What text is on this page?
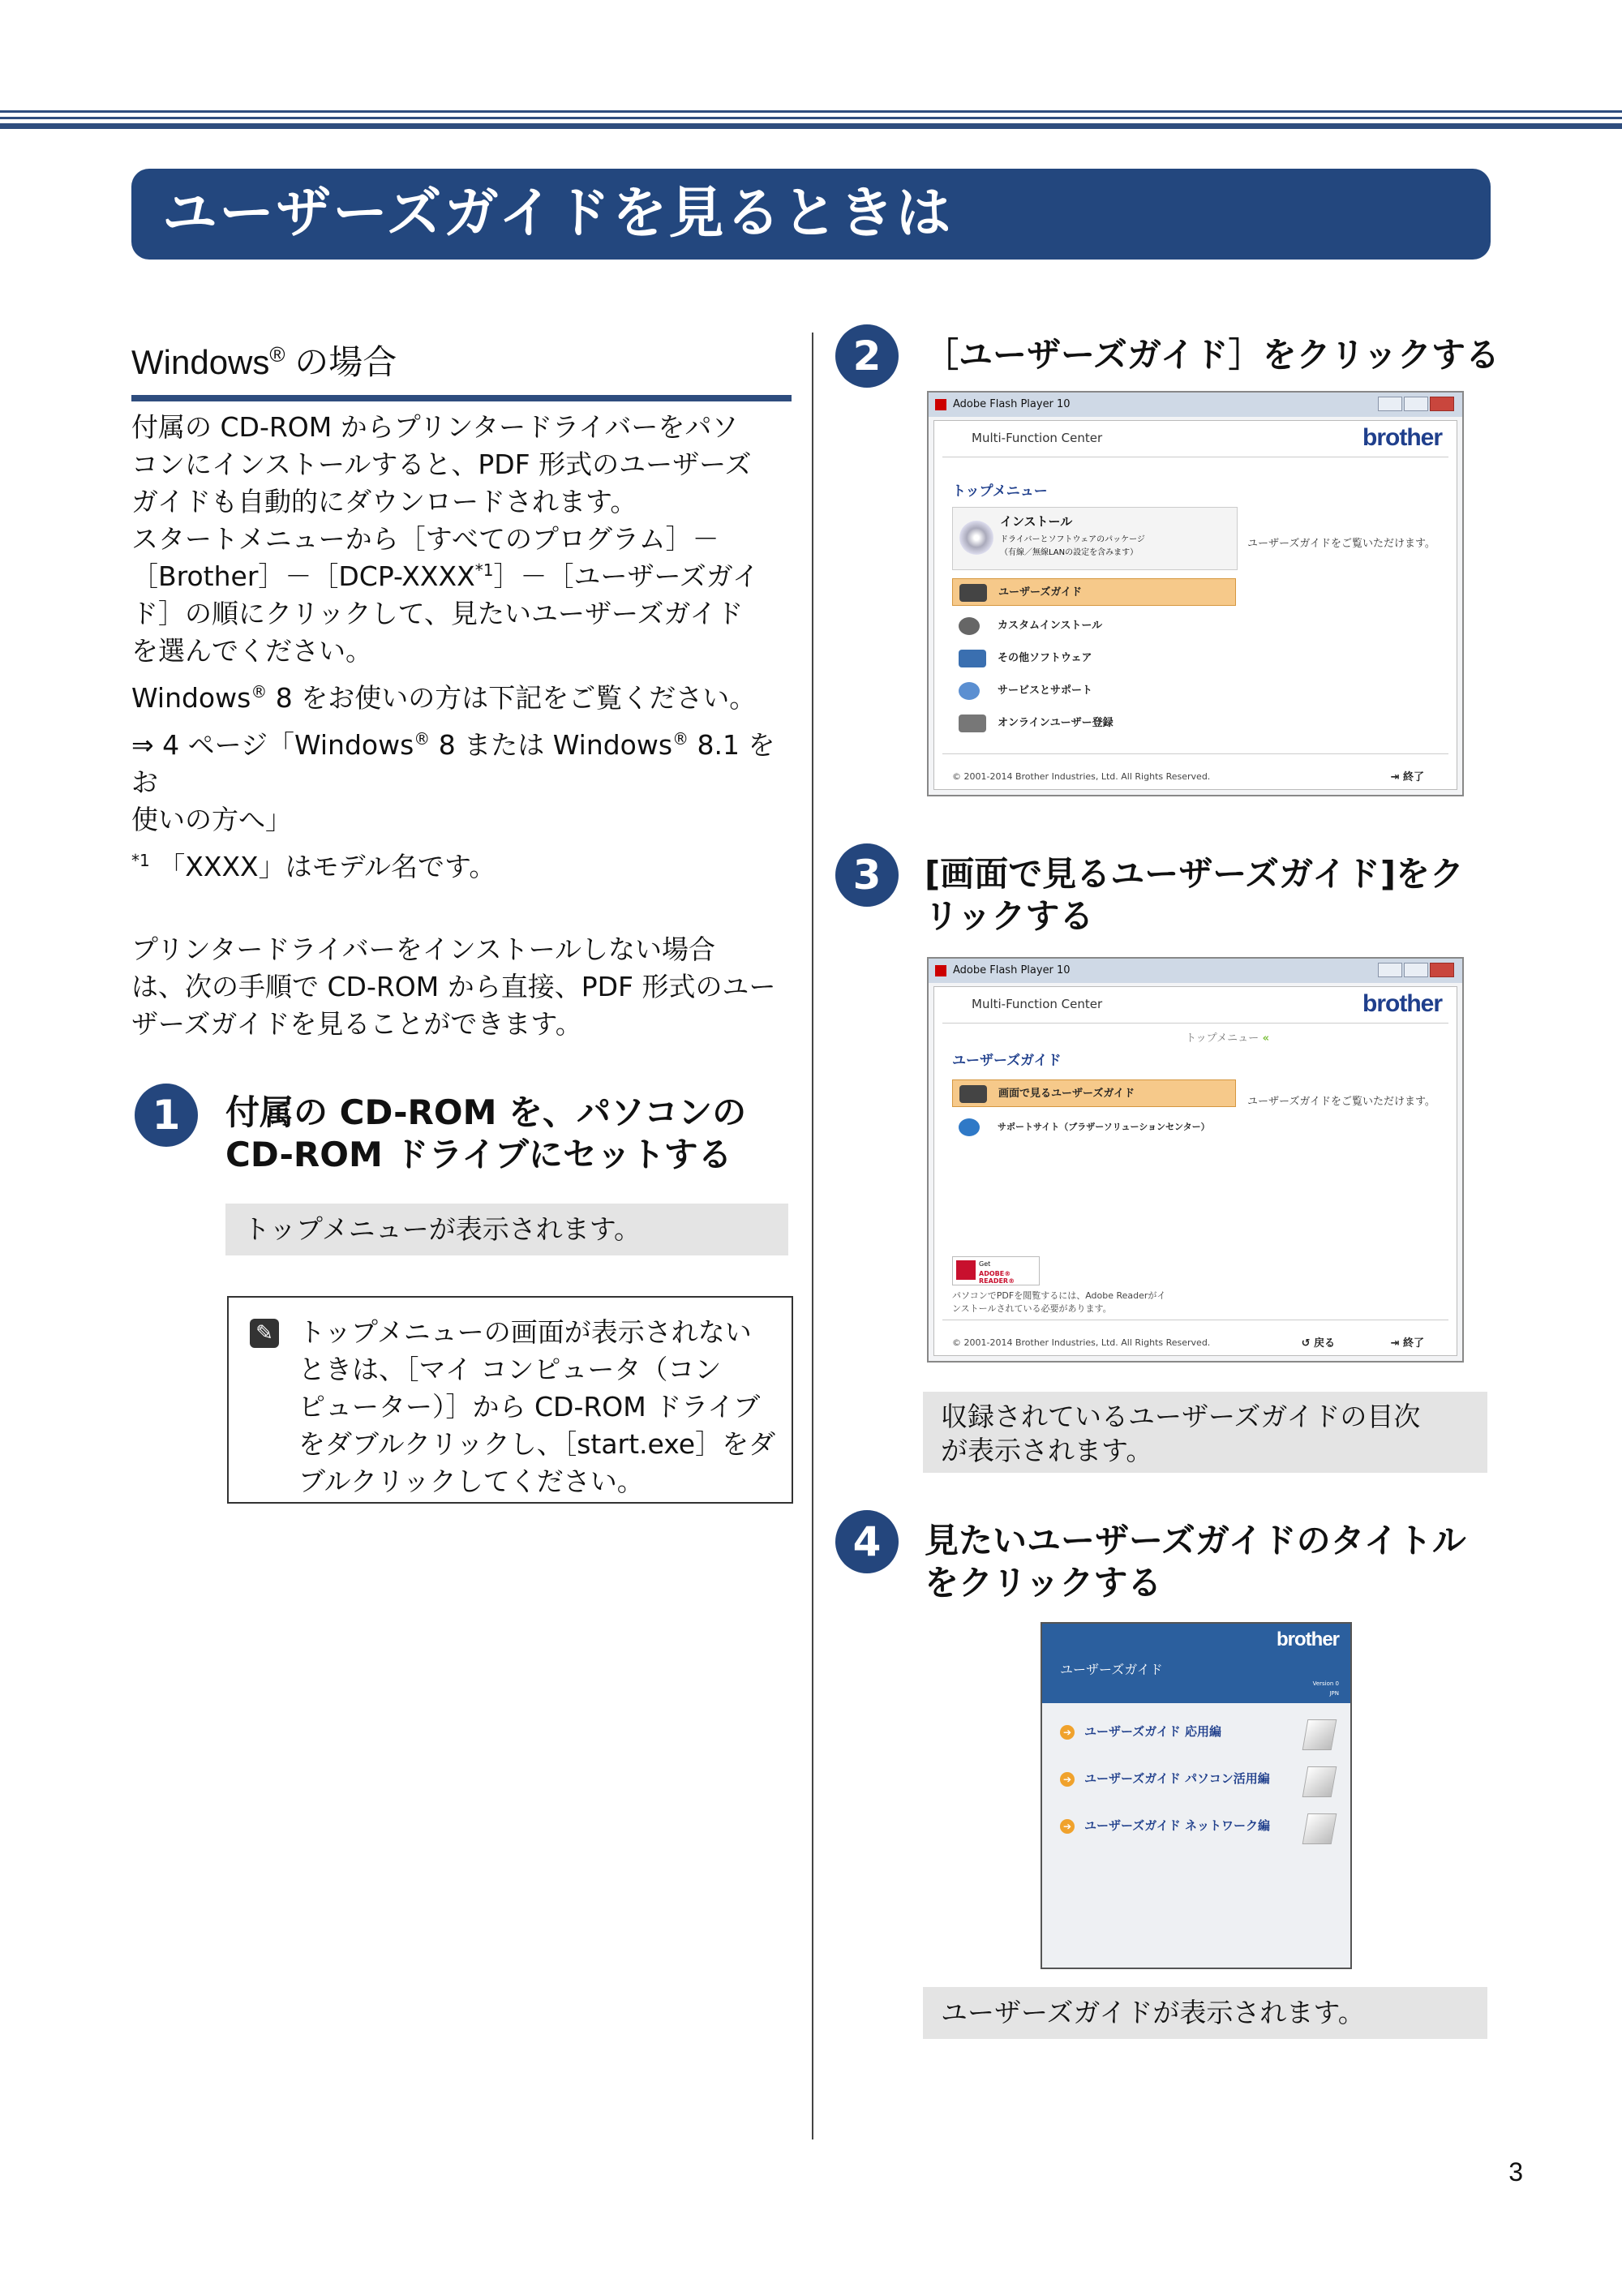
ユーザーズガイドを見るときは
Windows® の場合
付属の CD-ROM からプリンタードライバーをパソ
コンにインストールすると、PDF 形式のユーザーズ
ガイドも自動的にダウンロードされます。
スタートメニューから［すべてのプログラム］－
$[Brother]-[DCP-XXXX^{*1}]-[$ユーザーズガイ
ド］の順にクリックして、見たいユーザーズガイド
を選んでください。
Windows® 8 をお使いの方は下記をご覧ください。
⇒ 4 ページ「Windows® 8 または Windows® 8.1 をお
使いの方へ」
$^{*1}$ 「XXXX」はモデル名です。
プリンタードライバーをインストールしない場合
は、次の手順で CD-ROM から直接、PDF 形式のユー
ザーズガイドを見ることができます。
1	付属の CD-ROM を、パソコンの
CD-ROM ドライブにセットする
トップメニューが表示されます。
✎ トップメニューの画面が表示されない
ときは、［マイ コンピュータ（コン
ピューター）］から CD-ROM ドライブ
をダブルクリックし、［start.exe］をダ
ブルクリックしてください。
2	［ユーザーズガイド］をクリックする
Adobe Flash Player 10
Multi-Function Center	brother
トップメニュー
インストール
ドライバーとソフトウェアのパッケージ
（有線／無線LANの設定を含みます）
ユーザーズガイド
カスタムインストール
その他ソフトウェア
サービスとサポート
オンラインユーザー登録
ユーザーズガイドをご覧いただけます。
© 2001-2014 Brother Industries, Ltd. All Rights Reserved.	⇥ 終了
3	[画面で見るユーザーズガイド]をク
リックする
Adobe Flash Player 10
Multi-Function Center	brother
トップメニュー «
ユーザーズガイド
画面で見るユーザーズガイド
サポートサイト（ブラザーソリューションセンター）
ユーザーズガイドをご覧いただけます。
Get
ADOBE® READER®
パソコンでPDFを閲覧するには、Adobe Readerがイ
ンストールされている必要があります。
© 2001-2014 Brother Industries, Ltd. All Rights Reserved.	↺ 戻る	⇥ 終了
収録されているユーザーズガイドの目次
が表示されます。
4	見たいユーザーズガイドのタイトル
をクリックする
brother
ユーザーズガイド
Version 0
JPN
➔ ユーザーズガイド 応用編
➔ ユーザーズガイド パソコン活用編
➔ ユーザーズガイド ネットワーク編
ユーザーズガイドが表示されます。
3
